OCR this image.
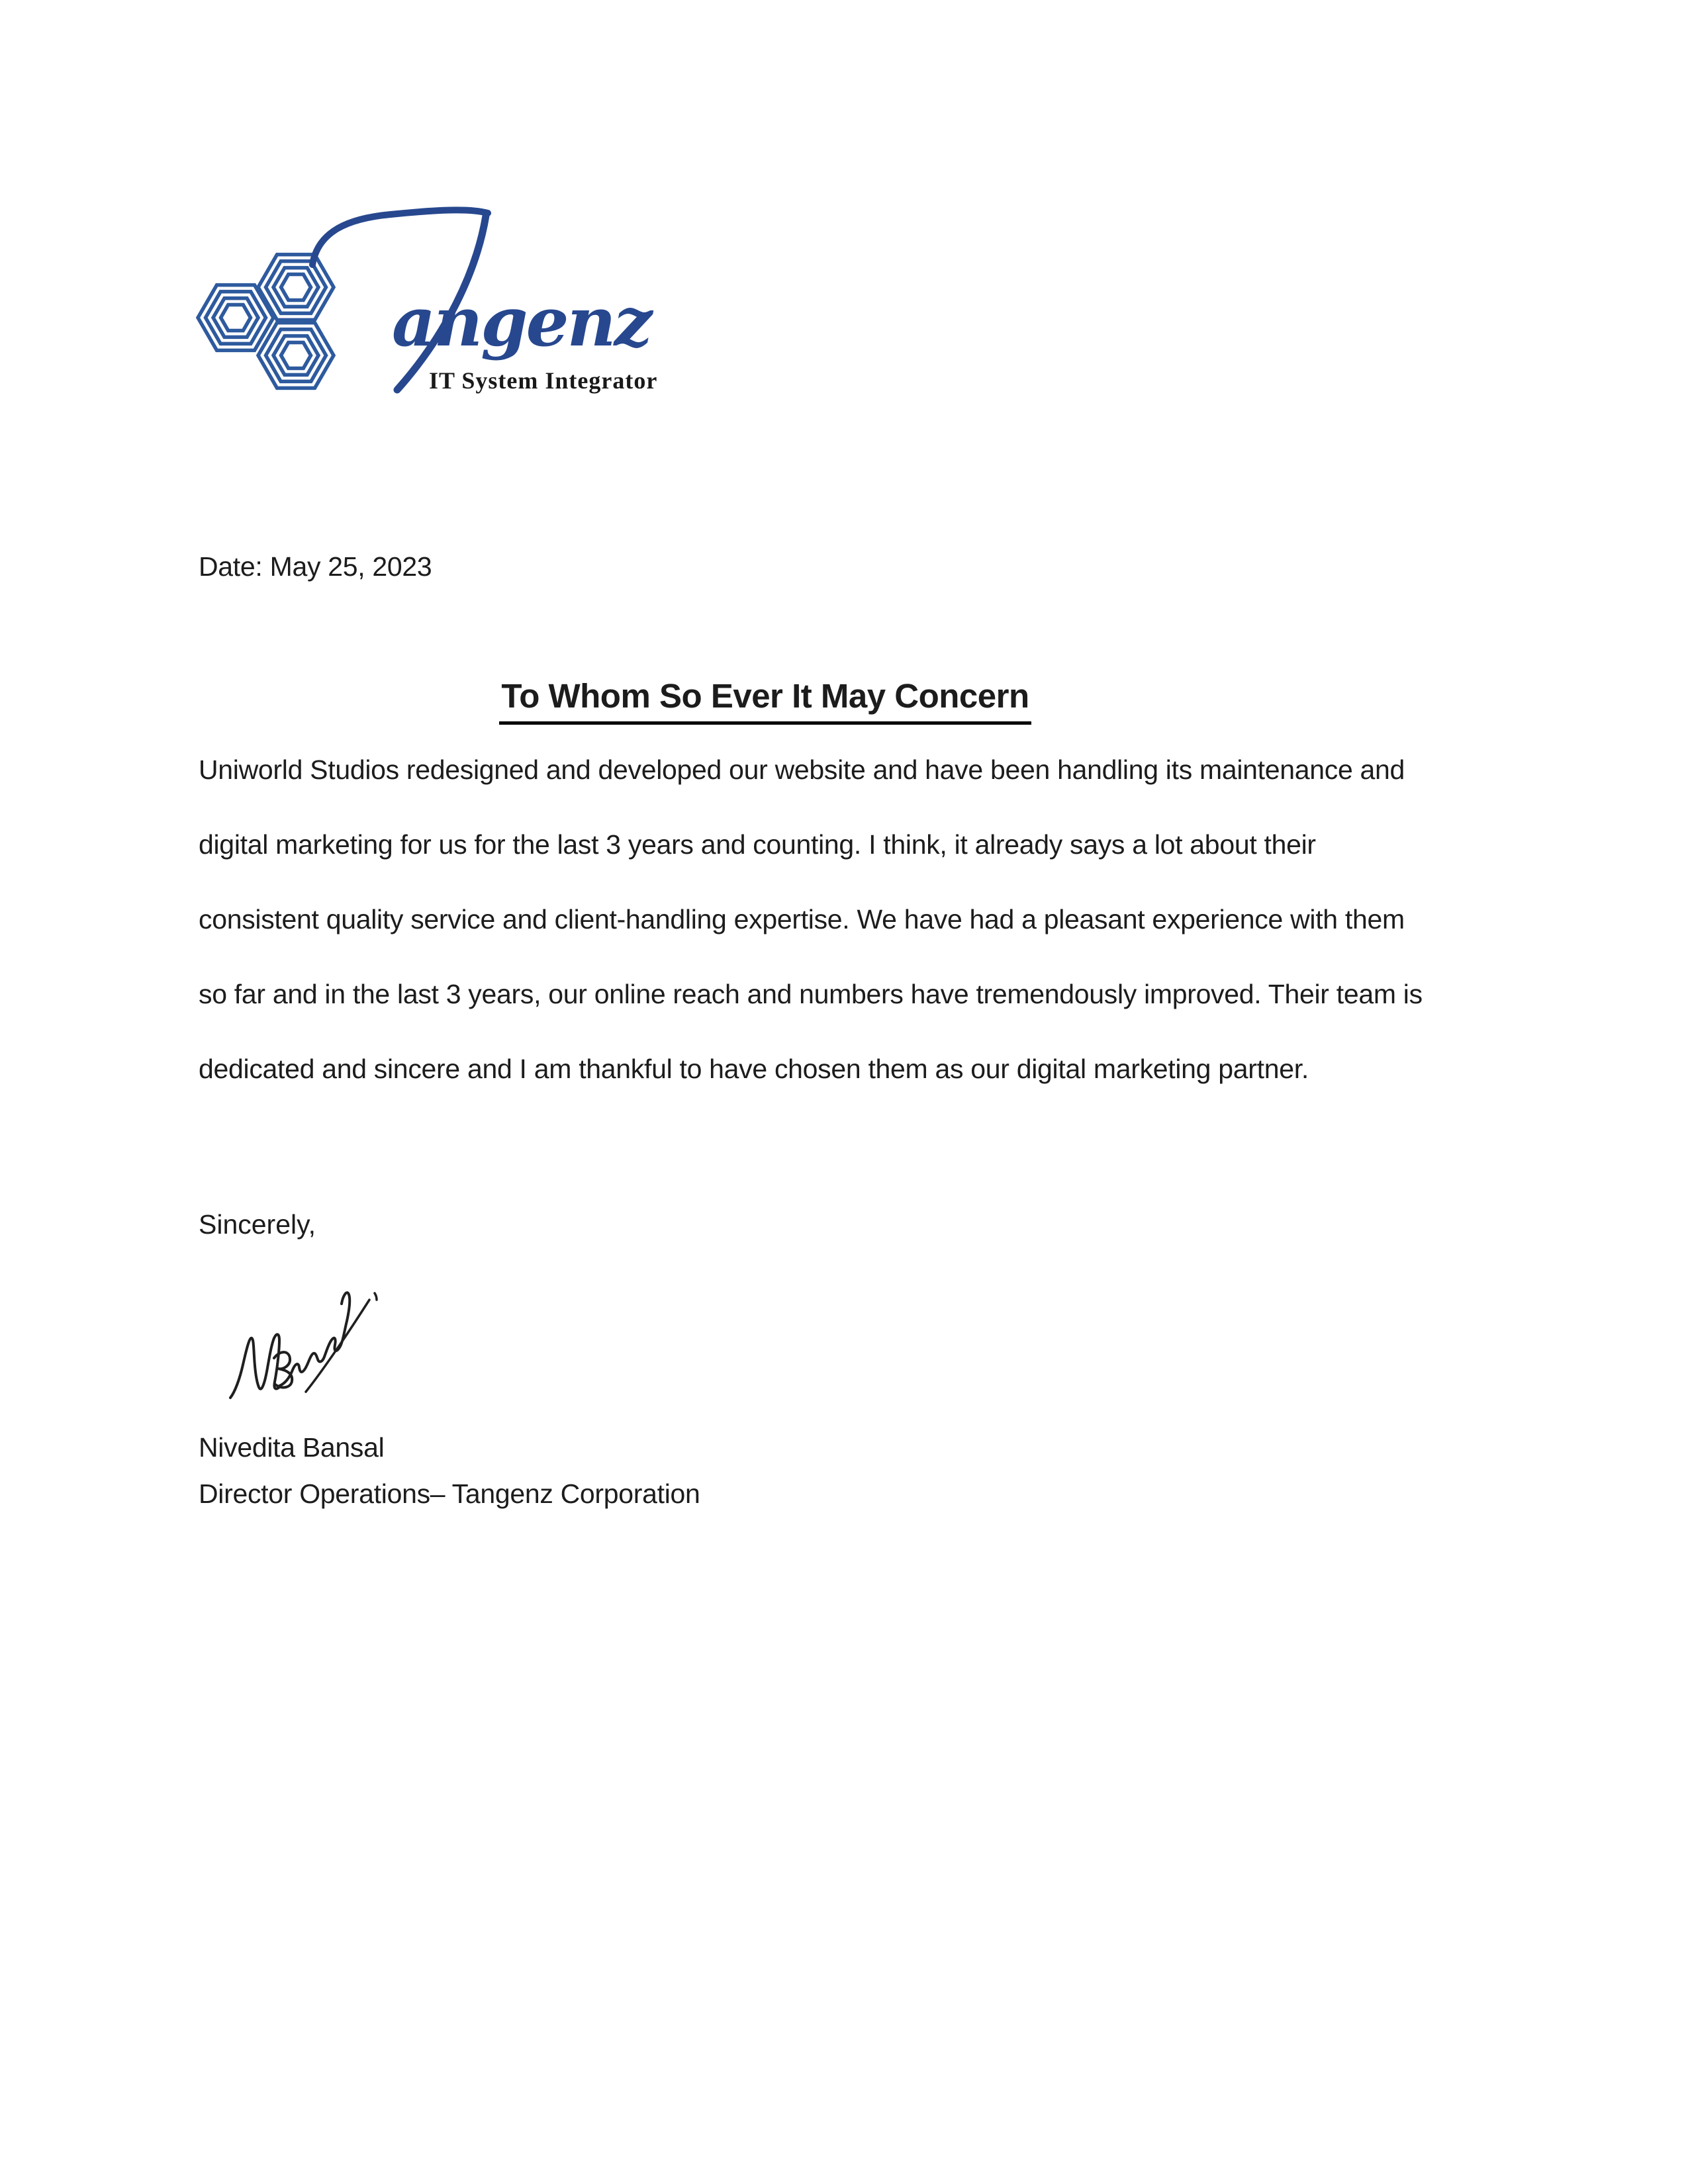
angenz
IT System Integrator
Date: May 25, 2023
To Whom So Ever It May Concern
Uniworld Studios redesigned and developed our website and have been handling its maintenance and
digital marketing for us for the last 3 years and counting. I think, it already says a lot about their
consistent quality service and client-handling expertise. We have had a pleasant experience with them
so far and in the last 3 years, our online reach and numbers have tremendously improved. Their team is
dedicated and sincere and I am thankful to have chosen them as our digital marketing partner.
Sincerely,
Nivedita Bansal
Director Operations– Tangenz Corporation
